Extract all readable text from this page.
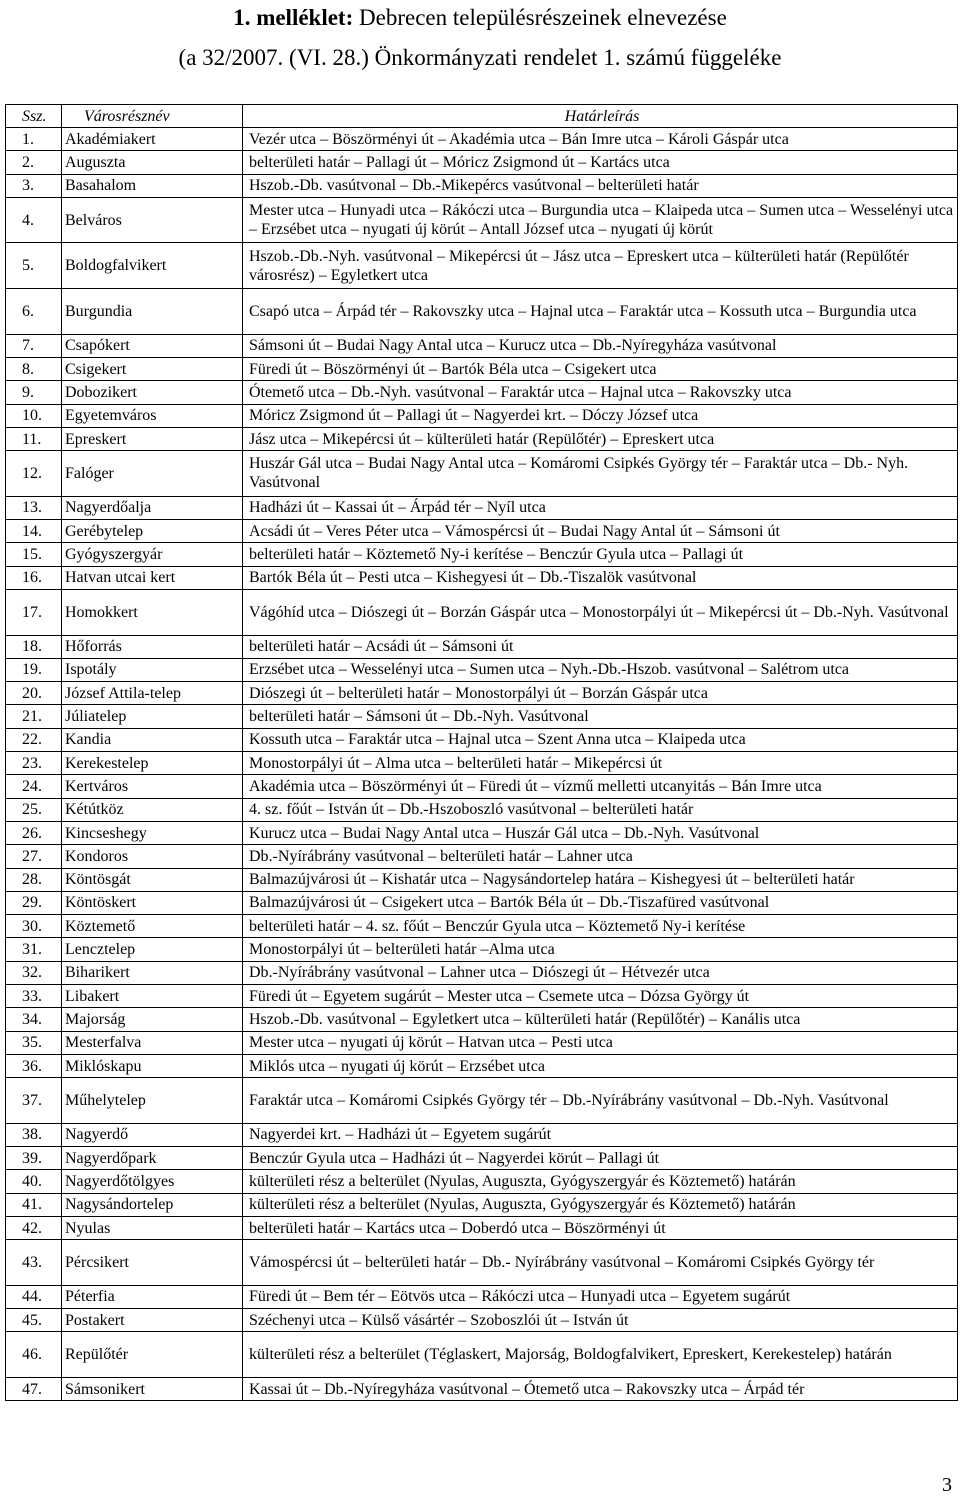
1. melléklet: Debrecen településrészeinek elnevezése
(a 32/2007. (VI. 28.) Önkormányzati rendelet 1. számú függeléke
Ssz.	Városrésznév	Határleírás
1.	Akadémiakert	Vezér utca – Böszörményi út – Akadémia utca – Bán Imre utca – Károli Gáspár utca
2.	Auguszta	belterületi határ – Pallagi út – Móricz Zsigmond út – Kartács utca
3.	Basahalom	Hszob.-Db. vasútvonal – Db.-Mikepércs vasútvonal – belterületi határ
4.	Belváros	Mester utca – Hunyadi utca – Rákóczi utca – Burgundia utca – Klaipeda utca – Sumen utca – Wesselényi utca – Erzsébet utca – nyugati új körút – Antall József utca – nyugati új körút
5.	Boldogfalvikert	Hszob.-Db.-Nyh. vasútvonal – Mikepércsi út – Jász utca – Epreskert utca – külterületi határ (Repülőtér városrész) – Egyletkert utca
6.	Burgundia	Csapó utca – Árpád tér – Rakovszky utca – Hajnal utca – Faraktár utca – Kossuth utca – Burgundia utca
7.	Csapókert	Sámsoni út – Budai Nagy Antal utca – Kurucz utca – Db.-Nyíregyháza vasútvonal
8.	Csigekert	Füredi út – Böszörményi út – Bartók Béla utca – Csigekert utca
9.	Dobozikert	Ótemető utca – Db.-Nyh. vasútvonal – Faraktár utca – Hajnal utca – Rakovszky utca
10.	Egyetemváros	Móricz Zsigmond út – Pallagi út – Nagyerdei krt. – Dóczy József utca
11.	Epreskert	Jász utca – Mikepércsi út – külterületi határ (Repülőtér) – Epreskert utca
12.	Falóger	Huszár Gál utca – Budai Nagy Antal utca – Komáromi Csipkés György tér – Faraktár utca – Db.- Nyh. Vasútvonal
13.	Nagyerdőalja	Hadházi út – Kassai út – Árpád tér – Nyíl utca
14.	Gerébytelep	Acsádi út – Veres Péter utca – Vámospércsi út – Budai Nagy Antal út – Sámsoni út
15.	Gyógyszergyár	belterületi határ – Köztemető Ny-i kerítése – Benczúr Gyula utca – Pallagi út
16.	Hatvan utcai kert	Bartók Béla út – Pesti utca – Kishegyesi út – Db.-Tiszalök vasútvonal
17.	Homokkert	Vágóhíd utca – Diószegi út – Borzán Gáspár utca – Monostorpályi út – Mikepércsi út – Db.-Nyh. Vasútvonal
18.	Hőforrás	belterületi határ – Acsádi út – Sámsoni út
19.	Ispotály	Erzsébet utca – Wesselényi utca – Sumen utca – Nyh.-Db.-Hszob. vasútvonal – Salétrom utca
20.	József Attila-telep	Diószegi út – belterületi határ – Monostorpályi út – Borzán Gáspár utca
21.	Júliatelep	belterületi határ – Sámsoni út – Db.-Nyh. Vasútvonal
22.	Kandia	Kossuth utca – Faraktár utca – Hajnal utca – Szent Anna utca – Klaipeda utca
23.	Kerekestelep	Monostorpályi út – Alma utca – belterületi határ – Mikepércsi út
24.	Kertváros	Akadémia utca – Böszörményi út – Füredi út – vízmű melletti utcanyitás – Bán Imre utca
25.	Kétútköz	4. sz. főút – István út – Db.-Hszoboszló vasútvonal – belterületi határ
26.	Kincseshegy	Kurucz utca – Budai Nagy Antal utca – Huszár Gál utca – Db.-Nyh. Vasútvonal
27.	Kondoros	Db.-Nyírábrány vasútvonal – belterületi határ – Lahner utca
28.	Köntösgát	Balmazújvárosi út – Kishatár utca – Nagysándortelep határa – Kishegyesi út – belterületi határ
29.	Köntöskert	Balmazújvárosi út – Csigekert utca – Bartók Béla út – Db.-Tiszafüred vasútvonal
30.	Köztemető	belterületi határ – 4. sz. főút – Benczúr Gyula utca – Köztemető Ny-i kerítése
31.	Lencztelep	Monostorpályi út – belterületi határ –Alma utca
32.	Biharikert	Db.-Nyírábrány vasútvonal – Lahner utca – Diószegi út – Hétvezér utca
33.	Libakert	Füredi út – Egyetem sugárút – Mester utca – Csemete utca – Dózsa György út
34.	Majorság	Hszob.-Db. vasútvonal – Egyletkert utca – külterületi határ (Repülőtér) – Kanális utca
35.	Mesterfalva	Mester utca – nyugati új körút – Hatvan utca – Pesti utca
36.	Miklóskapu	Miklós utca – nyugati új körút – Erzsébet utca
37.	Műhelytelep	Faraktár utca – Komáromi Csipkés György tér – Db.-Nyírábrány vasútvonal – Db.-Nyh. Vasútvonal
38.	Nagyerdő	Nagyerdei krt. – Hadházi út – Egyetem sugárút
39.	Nagyerdőpark	Benczúr Gyula utca – Hadházi út – Nagyerdei körút – Pallagi út
40.	Nagyerdőtölgyes	külterületi rész a belterület (Nyulas, Auguszta, Gyógyszergyár és Köztemető) határán
41.	Nagysándortelep	külterületi rész a belterület (Nyulas, Auguszta, Gyógyszergyár és Köztemető) határán
42.	Nyulas	belterületi határ – Kartács utca – Doberdó utca – Böszörményi út
43.	Pércsikert	Vámospércsi út – belterületi határ – Db.- Nyírábrány vasútvonal – Komáromi Csipkés György tér
44.	Péterfia	Füredi út – Bem tér – Eötvös utca – Rákóczi utca – Hunyadi utca – Egyetem sugárút
45.	Postakert	Széchenyi utca – Külső vásártér – Szoboszlói út – István út
46.	Repülőtér	külterületi rész a belterület (Téglaskert, Majorság, Boldogfalvikert, Epreskert, Kerekestelep) határán
47.	Sámsonikert	Kassai út – Db.-Nyíregyháza vasútvonal – Ótemető utca – Rakovszky utca – Árpád tér
3
